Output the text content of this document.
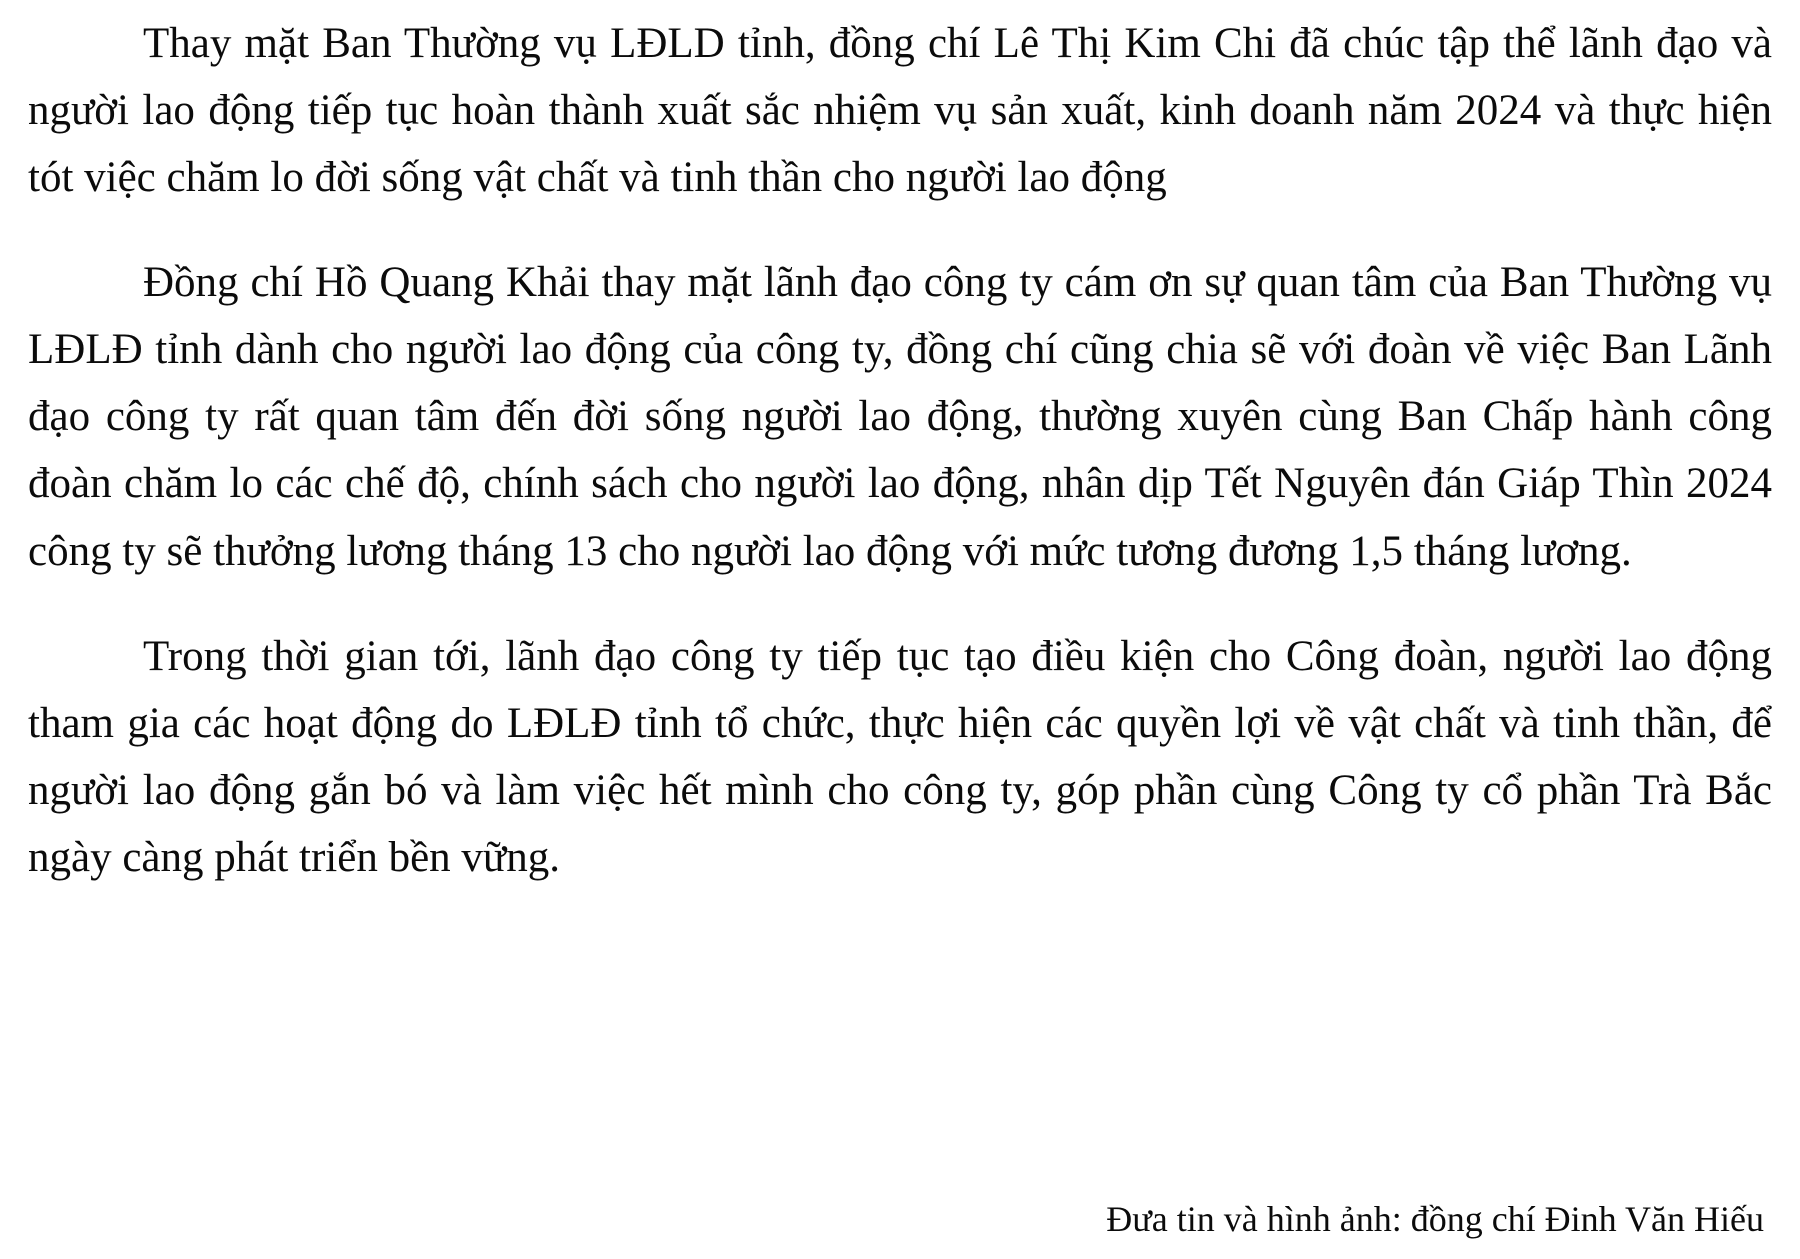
Thay mặt Ban Thường vụ LĐLD tỉnh, đồng chí Lê Thị Kim Chi đã chúc tập thể lãnh đạo và người lao động tiếp tục hoàn thành xuất sắc nhiệm vụ sản xuất, kinh doanh năm 2024 và thực hiện tót việc chăm lo đời sống vật chất và tinh thần cho người lao động

Đồng chí Hồ Quang Khải thay mặt lãnh đạo công ty cám ơn sự quan tâm của Ban Thường vụ LĐLĐ tỉnh dành cho người lao động của công ty, đồng chí cũng chia sẽ với đoàn về việc Ban Lãnh đạo công ty rất quan tâm đến đời sống người lao động, thường xuyên cùng Ban Chấp hành công đoàn chăm lo các chế độ, chính sách cho người lao động, nhân dịp Tết Nguyên đán Giáp Thìn 2024 công ty sẽ thưởng lương tháng 13 cho người lao động với mức tương đương 1,5 tháng lương.

Trong thời gian tới, lãnh đạo công ty tiếp tục tạo điều kiện cho Công đoàn, người lao động tham gia các hoạt động do LĐLĐ tỉnh tổ chức, thực hiện các quyền lợi về vật chất và tinh thần, để người lao động gắn bó và làm việc hết mình cho công ty, góp phần cùng Công ty cổ phần Trà Bắc ngày càng phát triển bền vững.

Đưa tin và hình ảnh: đồng chí Đinh Văn Hiếu
